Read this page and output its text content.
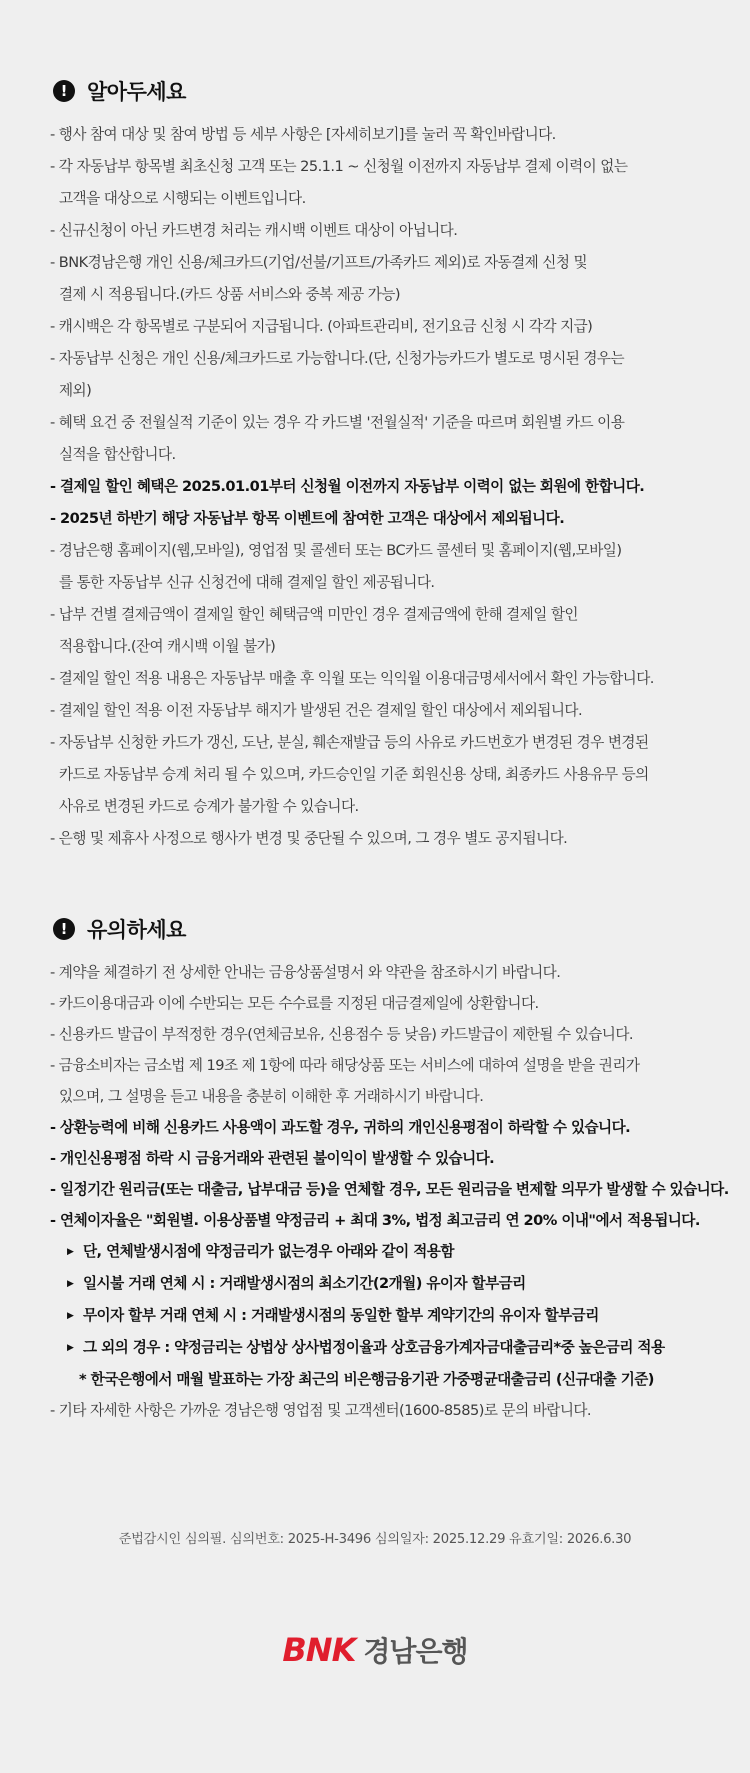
! 알아두세요
- 행사 참여 대상 및 참여 방법 등 세부 사항은 [자세히보기]를 눌러 꼭 확인바랍니다.
- 각 자동납부 항목별 최초신청 고객 또는 25.1.1 ~ 신청월 이전까지 자동납부 결제 이력이 없는
고객을 대상으로 시행되는 이벤트입니다.
- 신규신청이 아닌 카드변경 처리는 캐시백 이벤트 대상이 아닙니다.
- BNK경남은행 개인 신용/체크카드(기업/선불/기프트/가족카드 제외)로 자동결제 신청 및
결제 시 적용됩니다.(카드 상품 서비스와 중복 제공 가능)
- 캐시백은 각 항목별로 구분되어 지급됩니다. (아파트관리비, 전기요금 신청 시 각각 지급)
- 자동납부 신청은 개인 신용/체크카드로 가능합니다.(단, 신청가능카드가 별도로 명시된 경우는
제외)
- 혜택 요건 중 전월실적 기준이 있는 경우 각 카드별 '전월실적' 기준을 따르며 회원별 카드 이용
실적을 합산합니다.
- 결제일 할인 혜택은 2025.01.01부터 신청월 이전까지 자동납부 이력이 없는 회원에 한합니다.
- 2025년 하반기 해당 자동납부 항목 이벤트에 참여한 고객은 대상에서 제외됩니다.
- 경남은행 홈페이지(웹,모바일), 영업점 및 콜센터 또는 BC카드 콜센터 및 홈페이지(웹,모바일)
를 통한 자동납부 신규 신청건에 대해 결제일 할인 제공됩니다.
- 납부 건별 결제금액이 결제일 할인 혜택금액 미만인 경우 결제금액에 한해 결제일 할인
적용합니다.(잔여 캐시백 이월 불가)
- 결제일 할인 적용 내용은 자동납부 매출 후 익월 또는 익익월 이용대금명세서에서 확인 가능합니다.
- 결제일 할인 적용 이전 자동납부 해지가 발생된 건은 결제일 할인 대상에서 제외됩니다.
- 자동납부 신청한 카드가 갱신, 도난, 분실, 훼손재발급 등의 사유로 카드번호가 변경된 경우 변경된
카드로 자동납부 승계 처리 될 수 있으며, 카드승인일 기준 회원신용 상태, 최종카드 사용유무 등의
사유로 변경된 카드로 승계가 불가할 수 있습니다.
- 은행 및 제휴사 사정으로 행사가 변경 및 중단될 수 있으며, 그 경우 별도 공지됩니다.
! 유의하세요
- 계약을 체결하기 전 상세한 안내는 금융상품설명서 와 약관을 참조하시기 바랍니다.
- 카드이용대금과 이에 수반되는 모든 수수료를 지정된 대금결제일에 상환합니다.
- 신용카드 발급이 부적정한 경우(연체금보유, 신용점수 등 낮음) 카드발급이 제한될 수 있습니다.
- 금융소비자는 금소법 제 19조 제 1항에 따라 해당상품 또는 서비스에 대하여 설명을 받을 권리가
있으며, 그 설명을 듣고 내용을 충분히 이해한 후 거래하시기 바랍니다.
- 상환능력에 비해 신용카드 사용액이 과도할 경우, 귀하의 개인신용평점이 하락할 수 있습니다.
- 개인신용평점 하락 시 금융거래와 관련된 불이익이 발생할 수 있습니다.
- 일정기간 원리금(또는 대출금, 납부대금 등)을 연체할 경우, 모든 원리금을 변제할 의무가 발생할 수 있습니다.
- 연체이자율은 "회원별. 이용상품별 약정금리 + 최대 3%, 법정 최고금리 연 20% 이내"에서 적용됩니다.
▶ 단, 연체발생시점에 약정금리가 없는경우 아래와 같이 적용함
▶ 일시불 거래 연체 시 : 거래발생시점의 최소기간(2개월) 유이자 할부금리
▶ 무이자 할부 거래 연체 시 : 거래발생시점의 동일한 할부 계약기간의 유이자 할부금리
▶ 그 외의 경우 : 약정금리는 상법상 상사법정이율과 상호금융가계자금대출금리*중 높은금리 적용
* 한국은행에서 매월 발표하는 가장 최근의 비은행금융기관 가중평균대출금리 (신규대출 기준)
- 기타 자세한 사항은 가까운 경남은행 영업점 및 고객센터(1600-8585)로 문의 바랍니다.
준법감시인 심의필. 심의번호: 2025-H-3496 심의일자: 2025.12.29 유효기일: 2026.6.30
BNK 경남은행
